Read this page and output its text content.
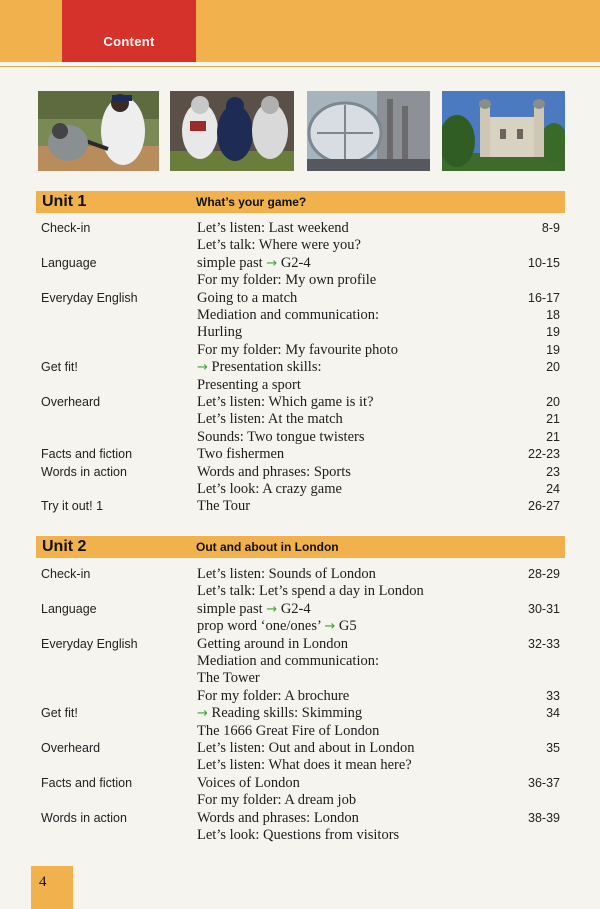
Content
Unit 1	What’s your game?
Check-in	Let’s listen: Last weekend	8-9
Let’s talk: Where were you?
Language	simple past → G2-4	10-15
For my folder: My own profile
Everyday English	Going to a match	16-17
Mediation and communication:	18
Hurling	19
For my folder: My favourite photo	19
Get fit!	→ Presentation skills:	20
Presenting a sport
Overheard	Let’s listen: Which game is it?	20
Let’s listen: At the match	21
Sounds: Two tongue twisters	21
Facts and fiction	Two fishermen	22-23
Words in action	Words and phrases: Sports	23
Let’s look: A crazy game	24
Try it out! 1	The Tour	26-27
Unit 2	Out and about in London
Check-in	Let’s listen: Sounds of London	28-29
Let’s talk: Let’s spend a day in London
Language	simple past → G2-4	30-31
prop word ‘one/ones’ → G5
Everyday English	Getting around in London	32-33
Mediation and communication:
The Tower
For my folder: A brochure	33
Get fit!	→ Reading skills: Skimming	34
The 1666 Great Fire of London
Overheard	Let’s listen: Out and about in London	35
Let’s listen: What does it mean here?
Facts and fiction	Voices of London	36-37
For my folder: A dream job
Words in action	Words and phrases: London	38-39
Let’s look: Questions from visitors
4
